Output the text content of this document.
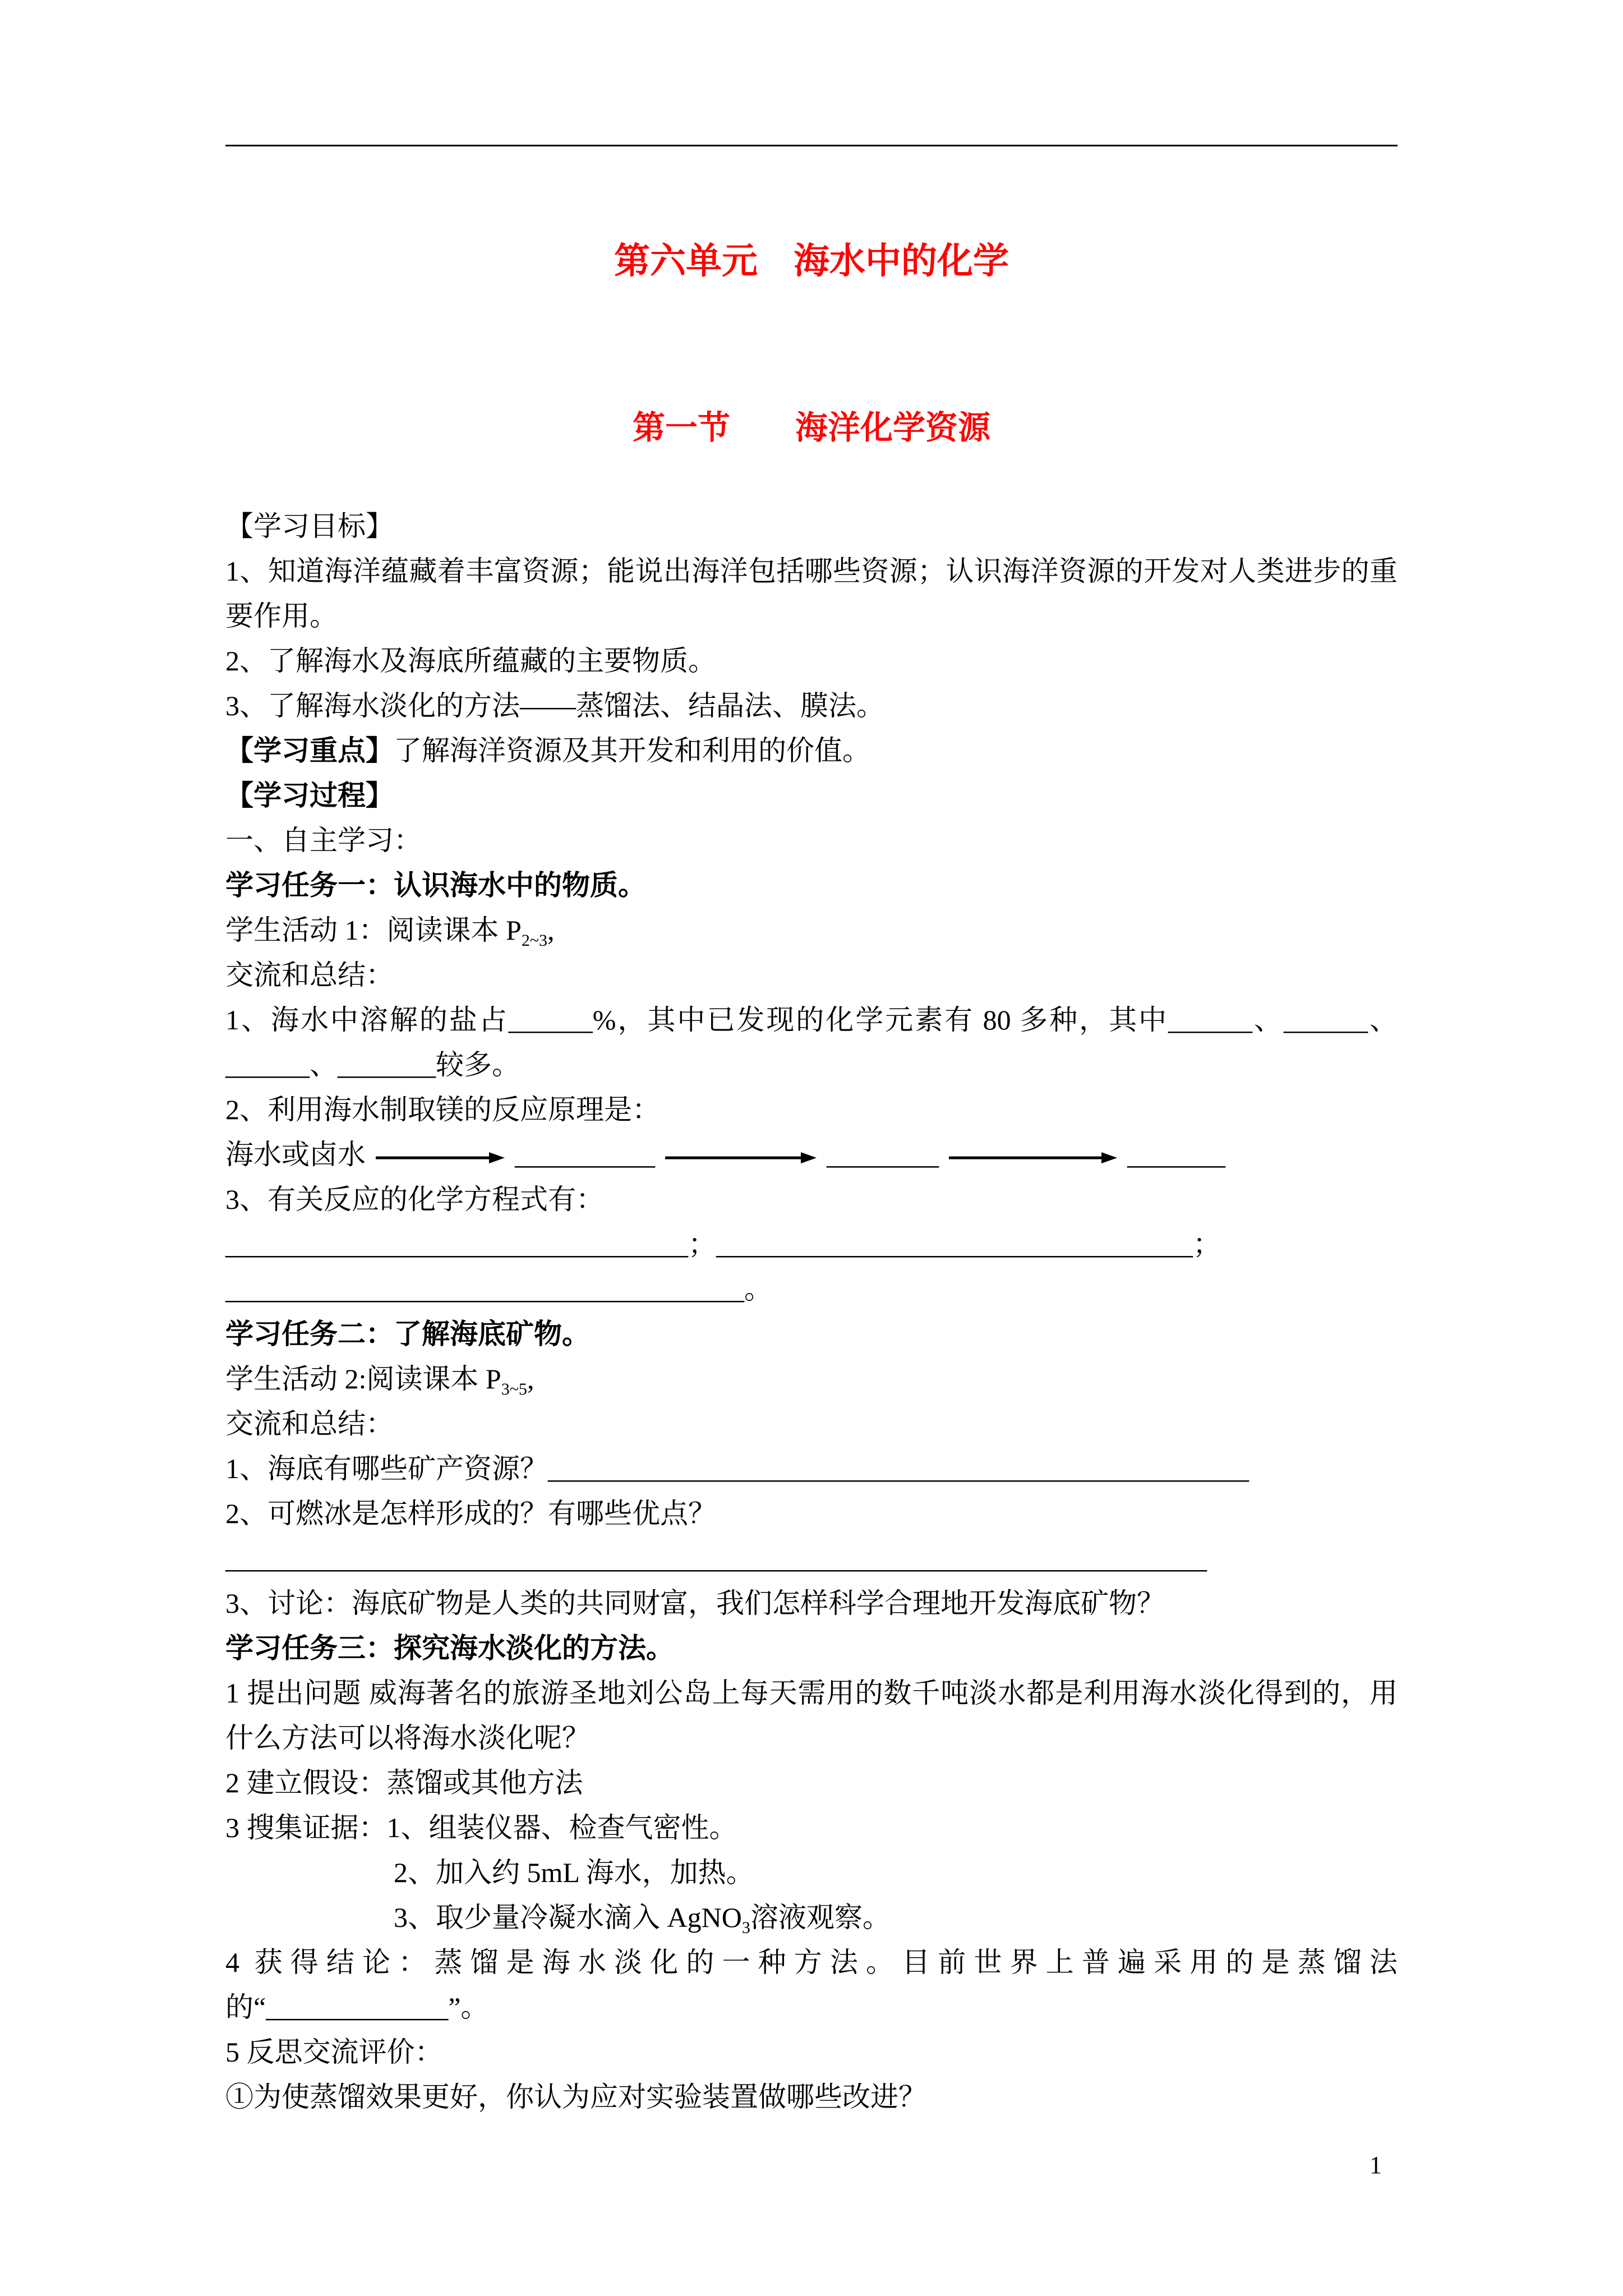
第六单元　海水中的化学
第一节　　海洋化学资源

【学习目标】

1、知道海洋蕴藏着丰富资源；能说出海洋包括哪些资源；认识海洋资源的开发对人类进步的重要作用。

2、了解海水及海底所蕴藏的主要物质。

3、了解海水淡化的方法——蒸馏法、结晶法、膜法。

【学习重点】了解海洋资源及其开发和利用的价值。

【学习过程】

一、自主学习：

学习任务一：认识海水中的物质。

学生活动 1：阅读课本 $P_{2\sim 3}$,

交流和总结：

1、海水中溶解的盐占______%，其中已发现的化学元素有 80 多种，其中______、______、______、_______较多。

2、利用海水制取镁的反应原理是：

海水或卤水	__________	________	_______

3、有关反应的化学方程式有：

_________________________________；__________________________________；

_____________________________________。

学习任务二：了解海底矿物。

学生活动 2:阅读课本 $P_{3\sim 5}$,

交流和总结：

1、海底有哪些矿产资源？__________________________________________________

2、可燃冰是怎样形成的？有哪些优点？

______________________________________________________________________

3、讨论：海底矿物是人类的共同财富，我们怎样科学合理地开发海底矿物？

学习任务三：探究海水淡化的方法。

1 提出问题 威海著名的旅游圣地刘公岛上每天需用的数千吨淡水都是利用海水淡化得到的，用什么方法可以将海水淡化呢？

2 建立假设：蒸馏或其他方法

3 搜集证据：1、组装仪器、检查气密性。

2、加入约 5mL 海水，加热。

3、取少量冷凝水滴入 AgNO$_3$溶液观察。

4 获得结论：蒸馏是海水淡化的一种方法。目前世界上普遍采用的是蒸馏法的“_____________”。

5 反思交流评价：

①为使蒸馏效果更好，你认为应对实验装置做哪些改进？

1
